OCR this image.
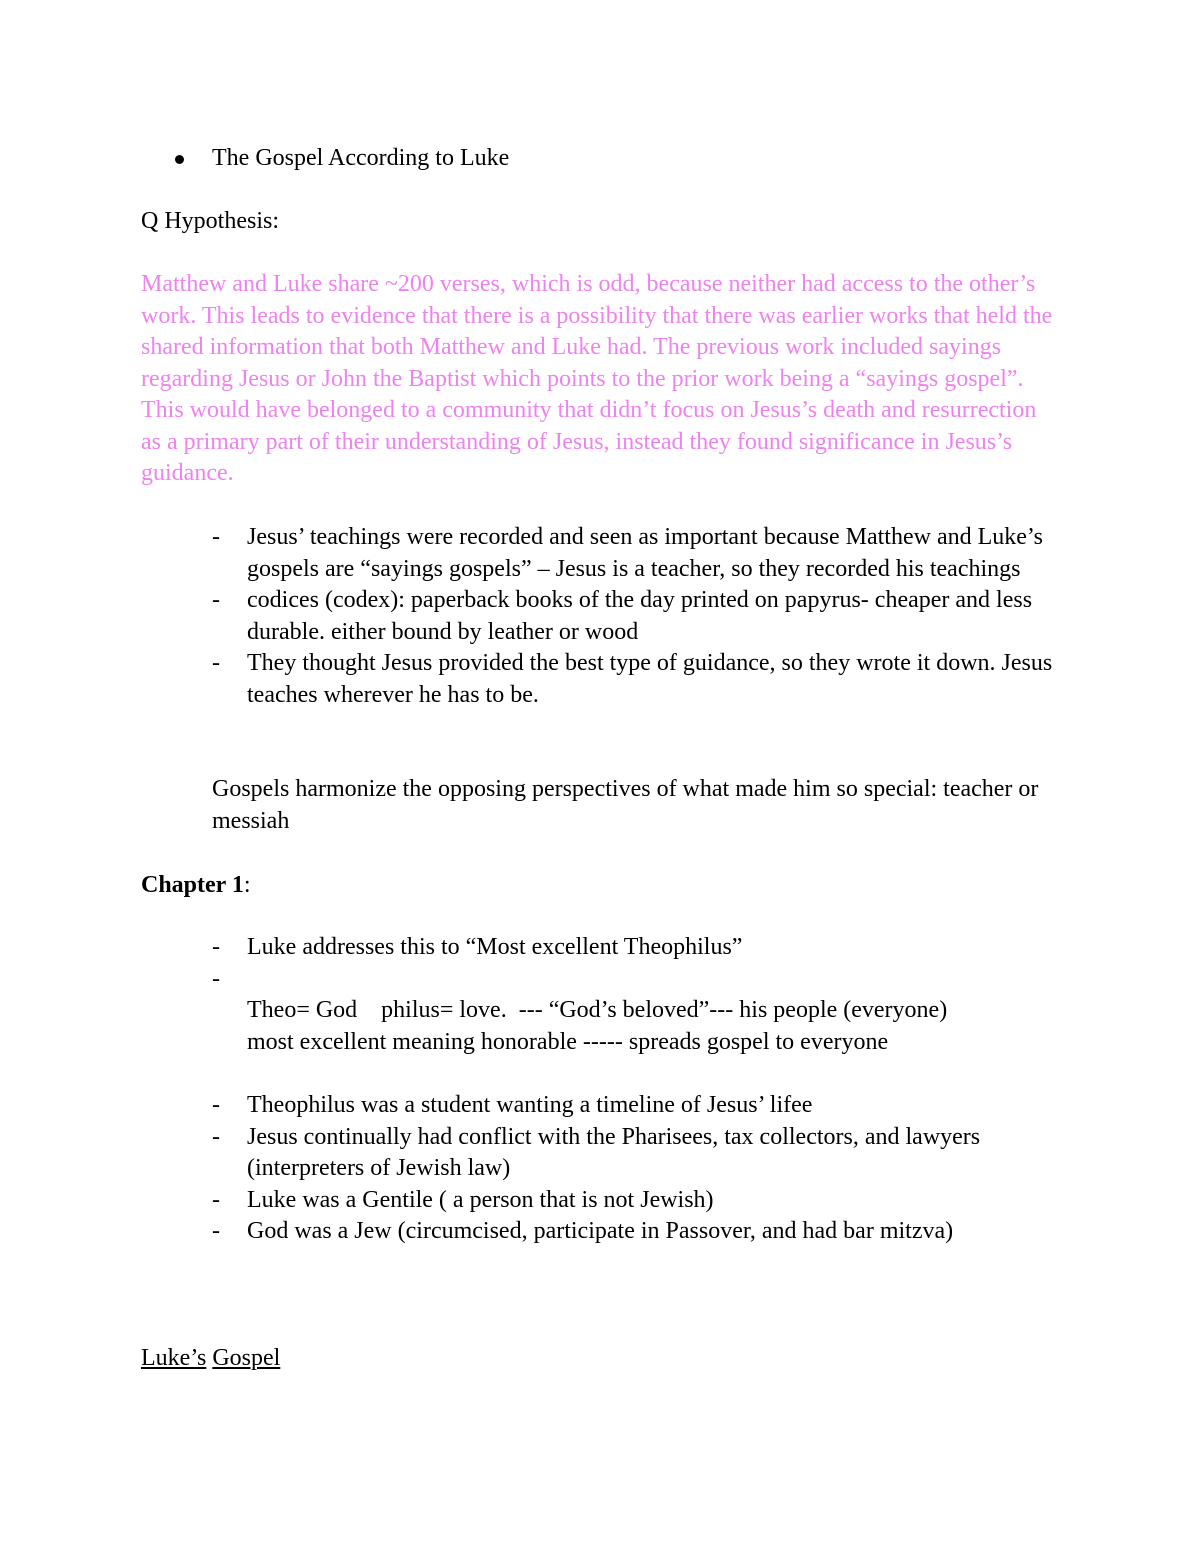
The Gospel According to Luke

Q Hypothesis:

Matthew and Luke share ~200 verses, which is odd, because neither had access to the other’s work. This leads to evidence that there is a possibility that there was earlier works that held the shared information that both Matthew and Luke had. The previous work included sayings regarding Jesus or John the Baptist which points to the prior work being a “sayings gospel”. This would have belonged to a community that didn’t focus on Jesus’s death and resurrection as a primary part of their understanding of Jesus, instead they found significance in Jesus’s guidance.

- Jesus’ teachings were recorded and seen as important because Matthew and Luke’s gospels are “sayings gospels” – Jesus is a teacher, so they recorded his teachings
- codices (codex): paperback books of the day printed on papyrus- cheaper and less durable. either bound by leather or wood
- They thought Jesus provided the best type of guidance, so they wrote it down. Jesus teaches wherever he has to be.

Gospels harmonize the opposing perspectives of what made him so special: teacher or messiah

Chapter 1:

- Luke addresses this to “Most excellent Theophilus”
-

Theo= God    philus= love.  --- “God’s beloved”--- his people (everyone)

most excellent meaning honorable ----- spreads gospel to everyone

- Theophilus was a student wanting a timeline of Jesus’ lifee
- Jesus continually had conflict with the Pharisees, tax collectors, and lawyers (interpreters of Jewish law)
- Luke was a Gentile ( a person that is not Jewish)
- God was a Jew (circumcised, participate in Passover, and had bar mitzva)

Luke’s Gospel
